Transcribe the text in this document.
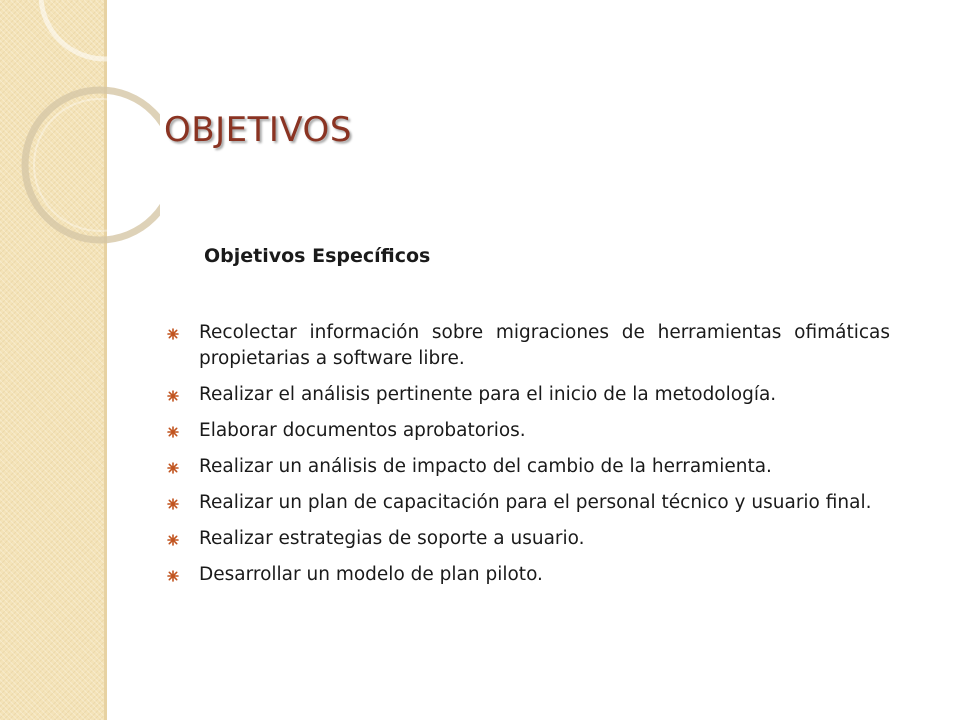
OBJETIVOS
Objetivos Específicos
Recolectar información sobre migraciones de herramientas ofimáticas propietarias a software libre.
Realizar el análisis pertinente para el inicio de la metodología.
Elaborar documentos aprobatorios.
Realizar un análisis de impacto del cambio de la herramienta.
Realizar un plan de capacitación para el personal técnico y usuario final.
Realizar estrategias de soporte a usuario.
Desarrollar un modelo de plan piloto.
